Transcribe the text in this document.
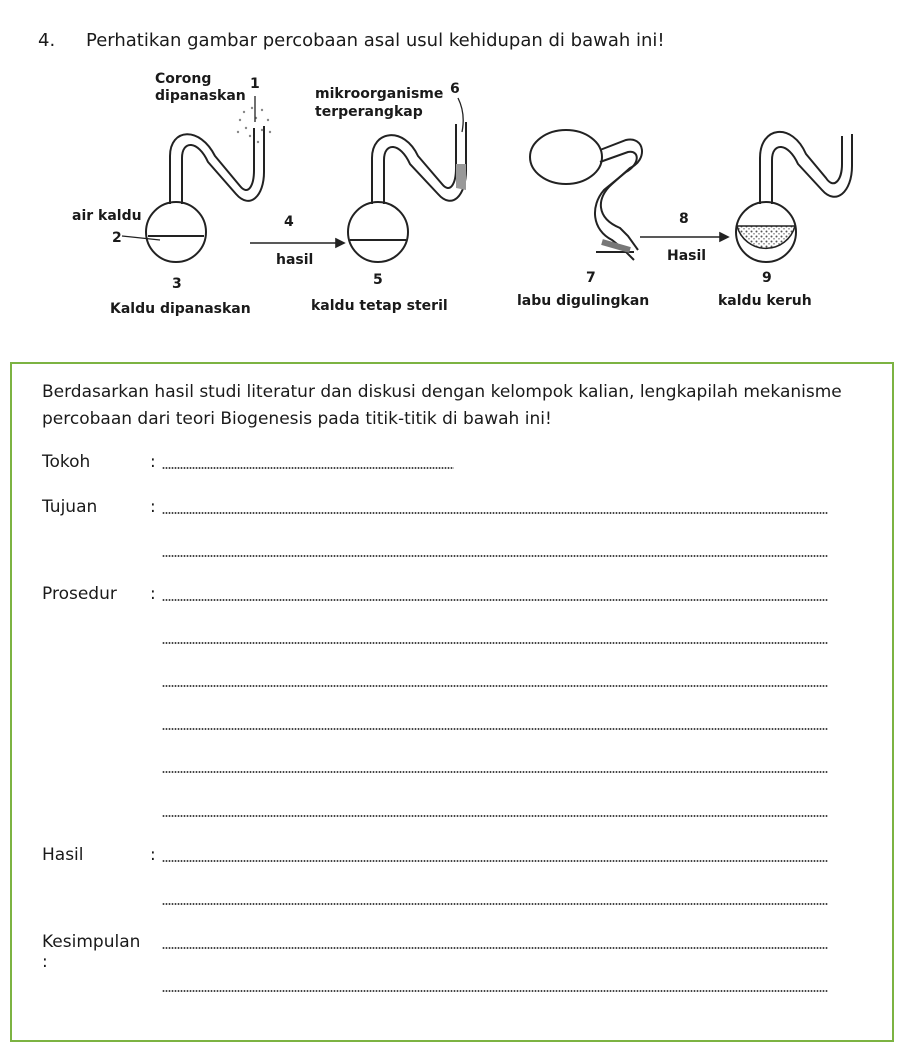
4. Perhatikan gambar percobaan asal usul kehidupan di bawah ini!
Corong
dipanaskan
1
mikroorganisme
terperangkap
6
air kaldu
2
4
hasil
3
Kaldu dipanaskan
5
kaldu tetap steril
7
labu digulingkan
8
Hasil
9
kaldu keruh
Berdasarkan hasil studi literatur dan diskusi dengan kelompok kalian, lengkapilah mekanisme percobaan dari teori Biogenesis pada titik-titik di bawah ini!
Tokoh	:
Tujuan	:
Prosedur :
Hasil	:
Kesimpulan :
